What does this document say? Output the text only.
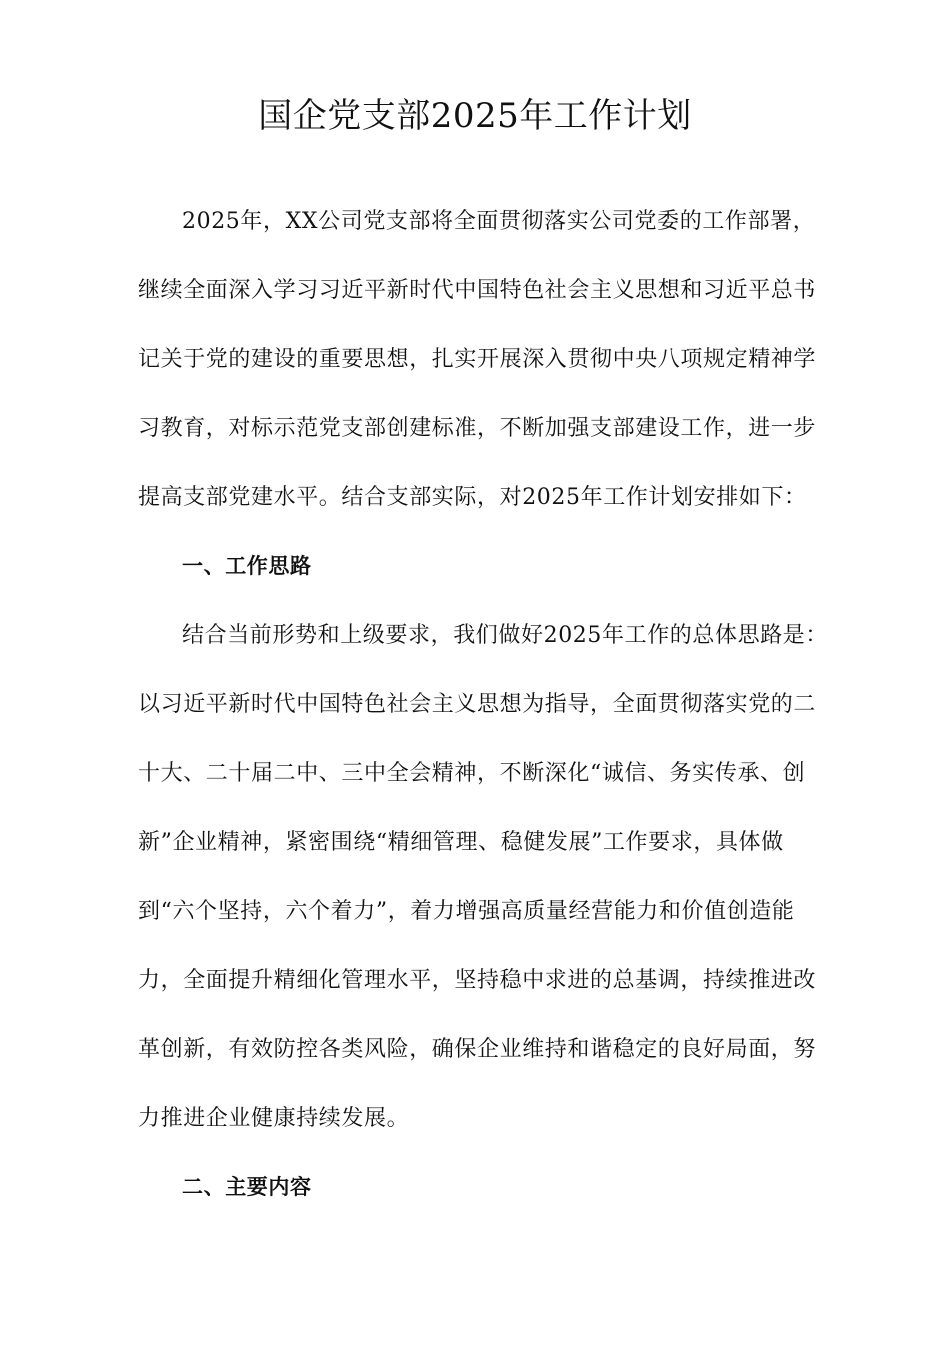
国企党支部2025年工作计划

2025年，XX公司党支部将全面贯彻落实公司党委的工作部署，继续全面深入学习习近平新时代中国特色社会主义思想和习近平总书记关于党的建设的重要思想，扎实开展深入贯彻中央八项规定精神学习教育，对标示范党支部创建标准，不断加强支部建设工作，进一步提高支部党建水平。结合支部实际，对2025年工作计划安排如下：

一、工作思路

结合当前形势和上级要求，我们做好2025年工作的总体思路是：以习近平新时代中国特色社会主义思想为指导，全面贯彻落实党的二十大、二十届二中、三中全会精神，不断深化“诚信、务实传承、创新”企业精神，紧密围绕“精细管理、稳健发展”工作要求，具体做到“六个坚持，六个着力”，着力增强高质量经营能力和价值创造能力，全面提升精细化管理水平，坚持稳中求进的总基调，持续推进改革创新，有效防控各类风险，确保企业维持和谐稳定的良好局面，努力推进企业健康持续发展。

二、主要内容
